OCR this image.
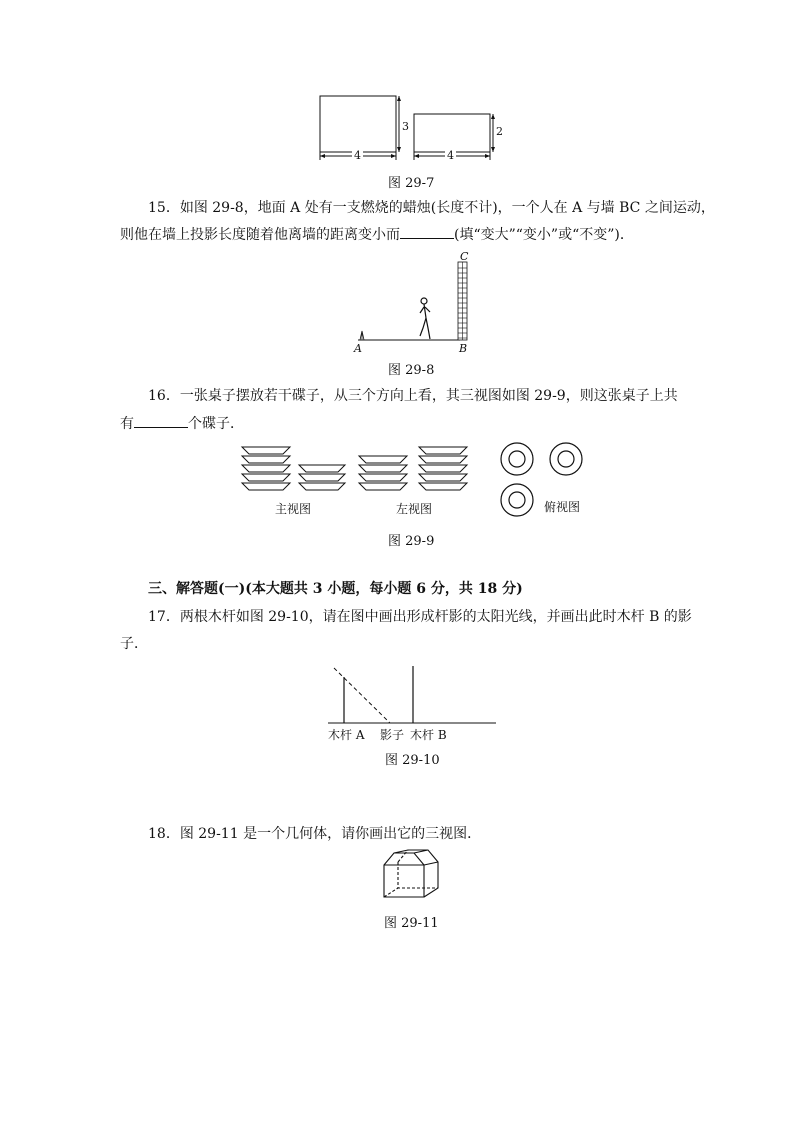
3
4
2
4
图 29-7
15．如图 29-8，地面 A 处有一支燃烧的蜡烛(长度不计)，一个人在 A 与墙 BC 之间运动，
则他在墙上投影长度随着他离墙的距离变小而	(填“变大”“变小”或“不变”)．
A	B
C
图 29-8
16．一张桌子摆放若干碟子，从三个方向上看，其三视图如图 29-9，则这张桌子上共
有	个碟子．
主视图	左视图	俯视图
图 29-9
三、解答题(一)(本大题共 3 小题，每小题 6 分，共 18 分)
17．两根木杆如图 29-10，请在图中画出形成杆影的太阳光线，并画出此时木杆 B 的影
子．
木杆 A 影子 木杆 B
图 29-10
18．图 29-11 是一个几何体，请你画出它的三视图．
图 29-11
